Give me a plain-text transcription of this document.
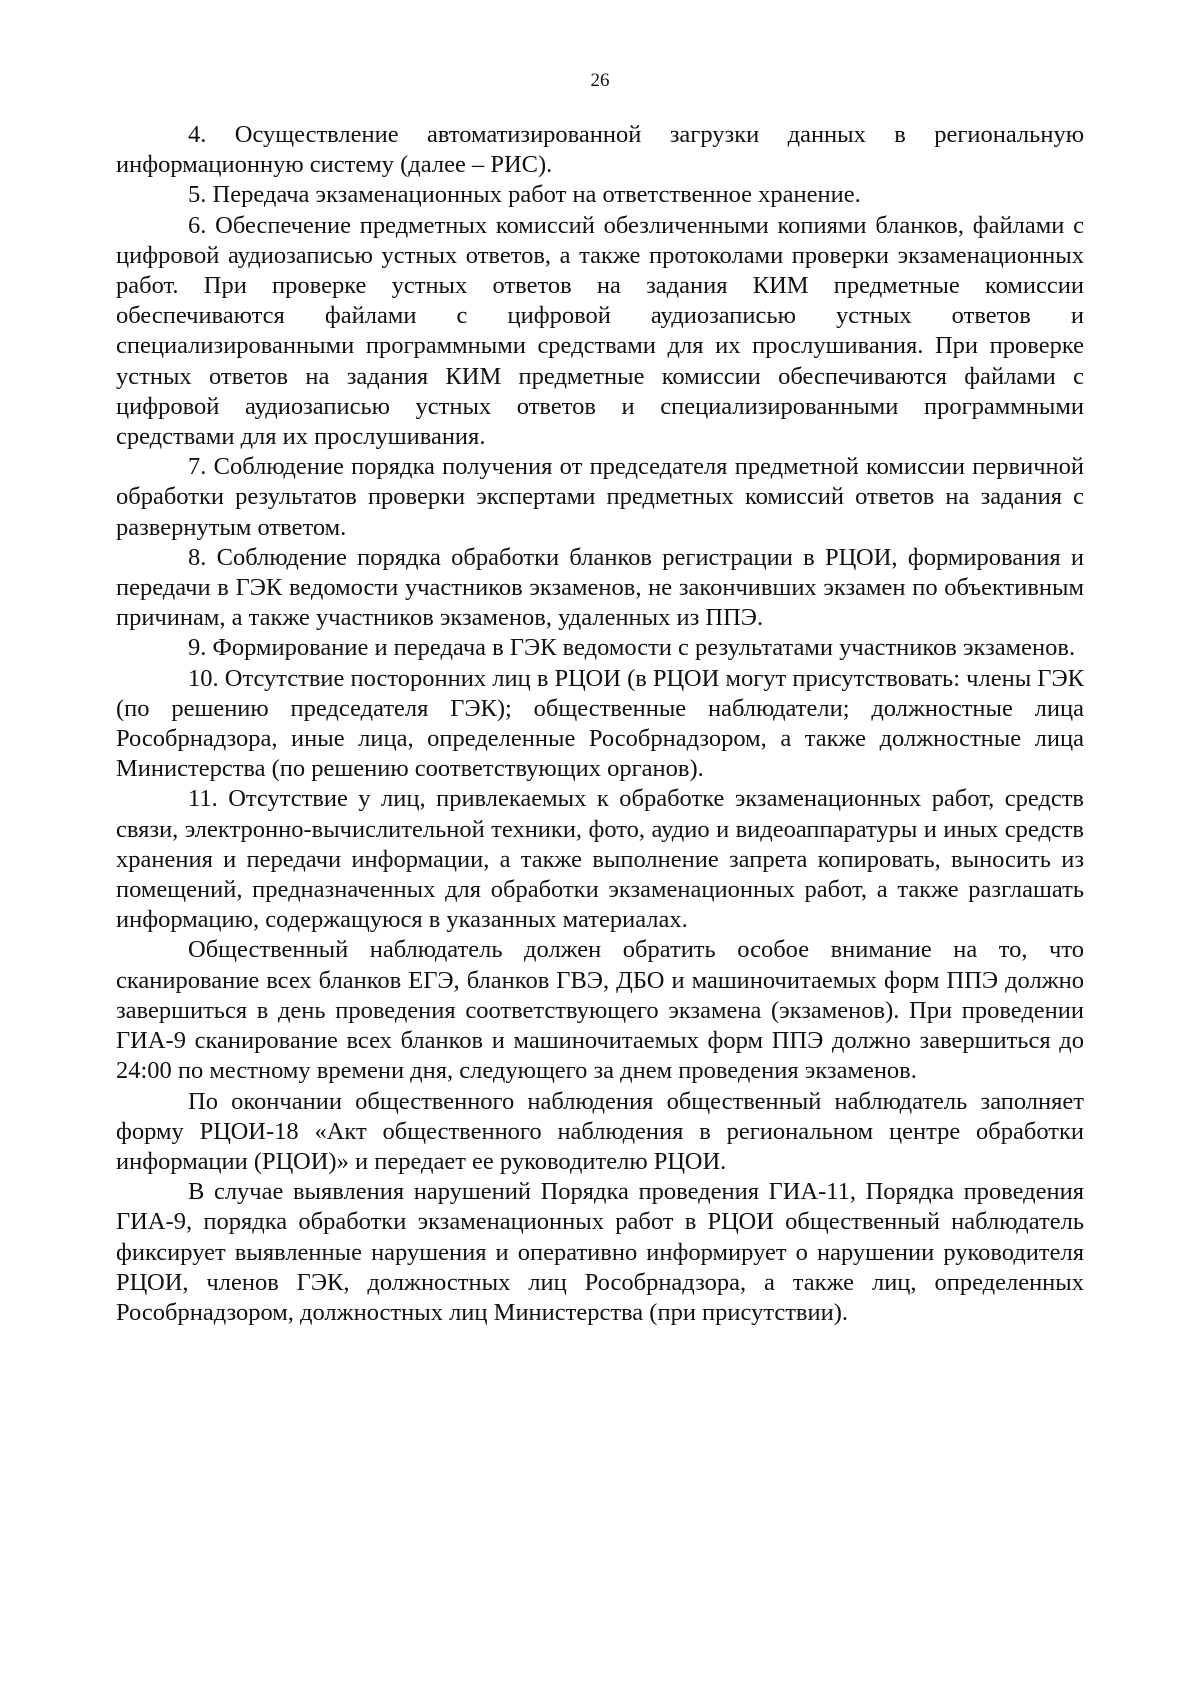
26

4. Осуществление автоматизированной загрузки данных в региональную информационную систему (далее – РИС).

5. Передача экзаменационных работ на ответственное хранение.

6. Обеспечение предметных комиссий обезличенными копиями бланков, файлами с цифровой аудиозаписью устных ответов, а также протоколами проверки экзаменационных работ. При проверке устных ответов на задания КИМ предметные комиссии обеспечиваются файлами с цифровой аудиозаписью устных ответов и специализированными программными средствами для их прослушивания. При проверке устных ответов на задания КИМ предметные комиссии обеспечиваются файлами с цифровой аудиозаписью устных ответов и специализированными программными средствами для их прослушивания.

7. Соблюдение порядка получения от председателя предметной комиссии первичной обработки результатов проверки экспертами предметных комиссий ответов на задания с развернутым ответом.

8. Соблюдение порядка обработки бланков регистрации в РЦОИ, формирования и передачи в ГЭК ведомости участников экзаменов, не закончивших экзамен по объективным причинам, а также участников экзаменов, удаленных из ППЭ.

9. Формирование и передача в ГЭК ведомости с результатами участников экзаменов.

10. Отсутствие посторонних лиц в РЦОИ (в РЦОИ могут присутствовать: члены ГЭК (по решению председателя ГЭК); общественные наблюдатели; должностные лица Рособрнадзора, иные лица, определенные Рособрнадзором, а также должностные лица Министерства (по решению соответствующих органов).

11. Отсутствие у лиц, привлекаемых к обработке экзаменационных работ, средств связи, электронно-вычислительной техники, фото, аудио и видеоаппаратуры и иных средств хранения и передачи информации, а также выполнение запрета копировать, выносить из помещений, предназначенных для обработки экзаменационных работ, а также разглашать информацию, содержащуюся в указанных материалах.

Общественный наблюдатель должен обратить особое внимание на то, что сканирование всех бланков ЕГЭ, бланков ГВЭ, ДБО и машиночитаемых форм ППЭ должно завершиться в день проведения соответствующего экзамена (экзаменов). При проведении ГИА-9 сканирование всех бланков и машиночитаемых форм ППЭ должно завершиться до 24:00 по местному времени дня, следующего за днем проведения экзаменов.

По окончании общественного наблюдения общественный наблюдатель заполняет форму РЦОИ-18 «Акт общественного наблюдения в региональном центре обработки информации (РЦОИ)» и передает ее руководителю РЦОИ.

В случае выявления нарушений Порядка проведения ГИА-11, Порядка проведения ГИА-9, порядка обработки экзаменационных работ в РЦОИ общественный наблюдатель фиксирует выявленные нарушения и оперативно информирует о нарушении руководителя РЦОИ, членов ГЭК, должностных лиц Рособрнадзора, а также лиц, определенных Рособрнадзором, должностных лиц Министерства (при присутствии).
